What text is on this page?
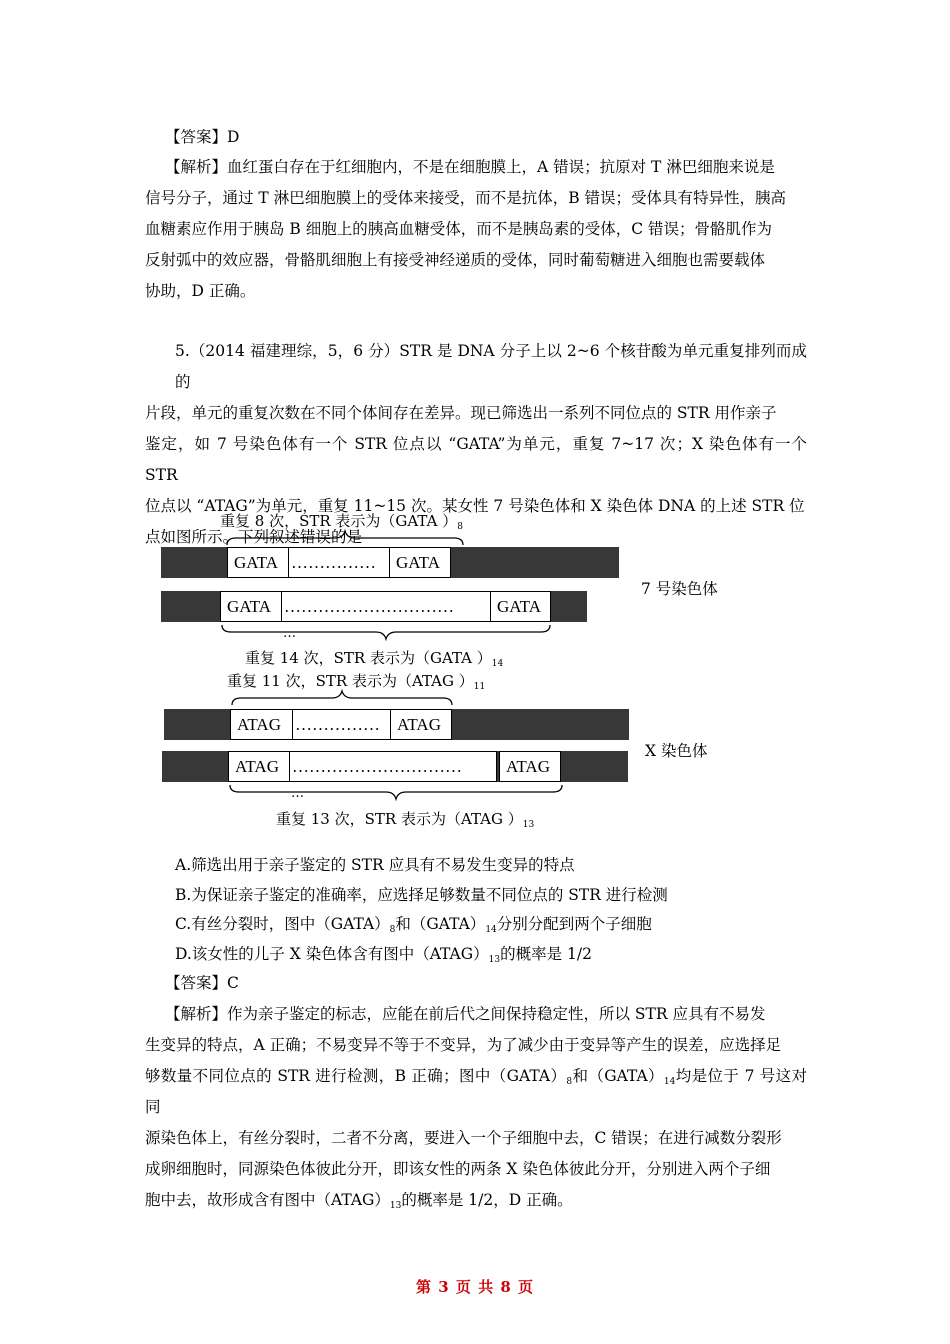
【答案】D

【解析】血红蛋白存在于红细胞内，不是在细胞膜上，A 错误；抗原对 T 淋巴细胞来说是

信号分子，通过 T 淋巴细胞膜上的受体来接受，而不是抗体，B 错误；受体具有特异性，胰高

血糖素应作用于胰岛 B 细胞上的胰高血糖受体，而不是胰岛素的受体，C 错误；骨骼肌作为

反射弧中的效应器，骨骼肌细胞上有接受神经递质的受体，同时葡萄糖进入细胞也需要载体

协助，D 正确。

5.（2014 福建理综，5，6 分）STR 是 DNA 分子上以 2~6 个核苷酸为单元重复排列而成的

片段，单元的重复次数在不同个体间存在差异。现已筛选出一系列不同位点的 STR 用作亲子

鉴定，如 7 号染色体有一个 STR 位点以 “GATA”为单元，重复 7~17 次；X 染色体有一个 STR

位点以 “ATAG”为单元，重复 11~15 次。某女性 7 号染色体和 X 染色体 DNA 的上述 STR 位

点如图所示。下列叙述错误的是

重复 8 次，STR 表示为（GATA ）$_8$
GATA ……………	GATA
GATA …………………………	GATA
…
重复 14 次，STR 表示为（GATA ）$_{14}$
7 号染色体
重复 11 次，STR 表示为（ATAG ）$_{11}$
ATAG ……………	ATAG
ATAG …………………………	ATAG
…
重复 13 次，STR 表示为（ATAG ）$_{13}$
X 染色体
A.筛选出用于亲子鉴定的 STR 应具有不易发生变异的特点
B.为保证亲子鉴定的准确率，应选择足够数量不同位点的 STR 进行检测
C.有丝分裂时，图中$(GATA)_8$和$(GATA)_{14}$分别分配到两个子细胞
D.该女性的儿子 X 染色体含有图中$(ATAG)_{13}$的概率是 1/2
【答案】C

【解析】作为亲子鉴定的标志，应能在前后代之间保持稳定性，所以 STR 应具有不易发

生变异的特点，A 正确；不易变异不等于不变异，为了减少由于变异等产生的误差，应选择足

够数量不同位点的 STR 进行检测，B 正确；图中$(GATA)_8$和$(GATA)_{14}$均是位于 7 号这对同

源染色体上，有丝分裂时，二者不分离，要进入一个子细胞中去，C 错误；在进行减数分裂形

成卵细胞时，同源染色体彼此分开，即该女性的两条 X 染色体彼此分开，分别进入两个子细

胞中去，故形成含有图中$(ATAG)_{13}$的概率是 1/2，D 正确。

第 3 页 共 8 页
